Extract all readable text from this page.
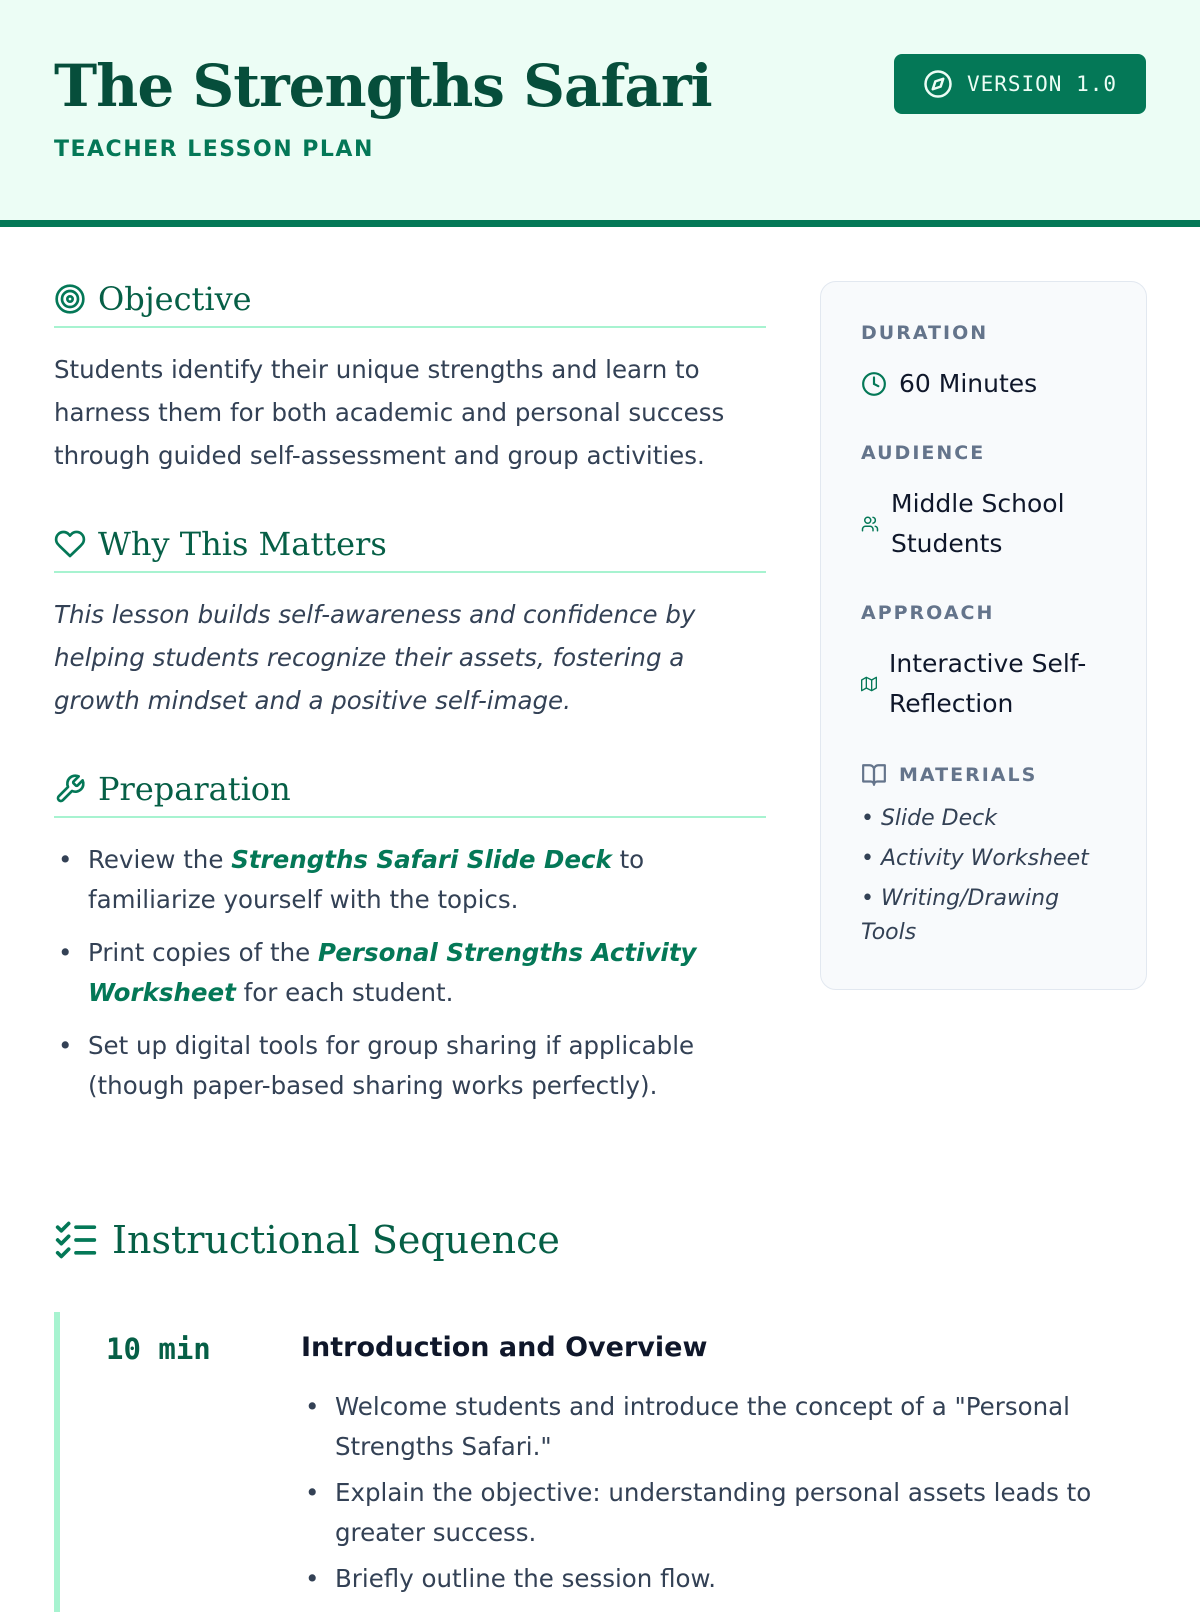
The Strengths Safari
TEACHER LESSON PLAN
VERSION 1.0
Objective

Students identify their unique strengths and learn to harness them for both academic and personal success through guided self-assessment and group activities.

Why This Matters

This lesson builds self-awareness and confidence by helping students recognize their assets, fostering a growth mindset and a positive self-image.

Preparation
• Review the Strengths Safari Slide Deck to familiarize yourself with the topics.
• Print copies of the Personal Strengths Activity Worksheet for each student.
• Set up digital tools for group sharing if applicable (though paper-based sharing works perfectly).
DURATION
60 Minutes
AUDIENCE
Middle School Students
APPROACH
Interactive Self-Reflection
MATERIALS
• Slide Deck
• Activity Worksheet
• Writing/Drawing Tools
Instructional Sequence
10 min	Introduction and Overview
• Welcome students and introduce the concept of a "Personal Strengths Safari."
• Explain the objective: understanding personal assets leads to greater success.
• Briefly outline the session flow.
